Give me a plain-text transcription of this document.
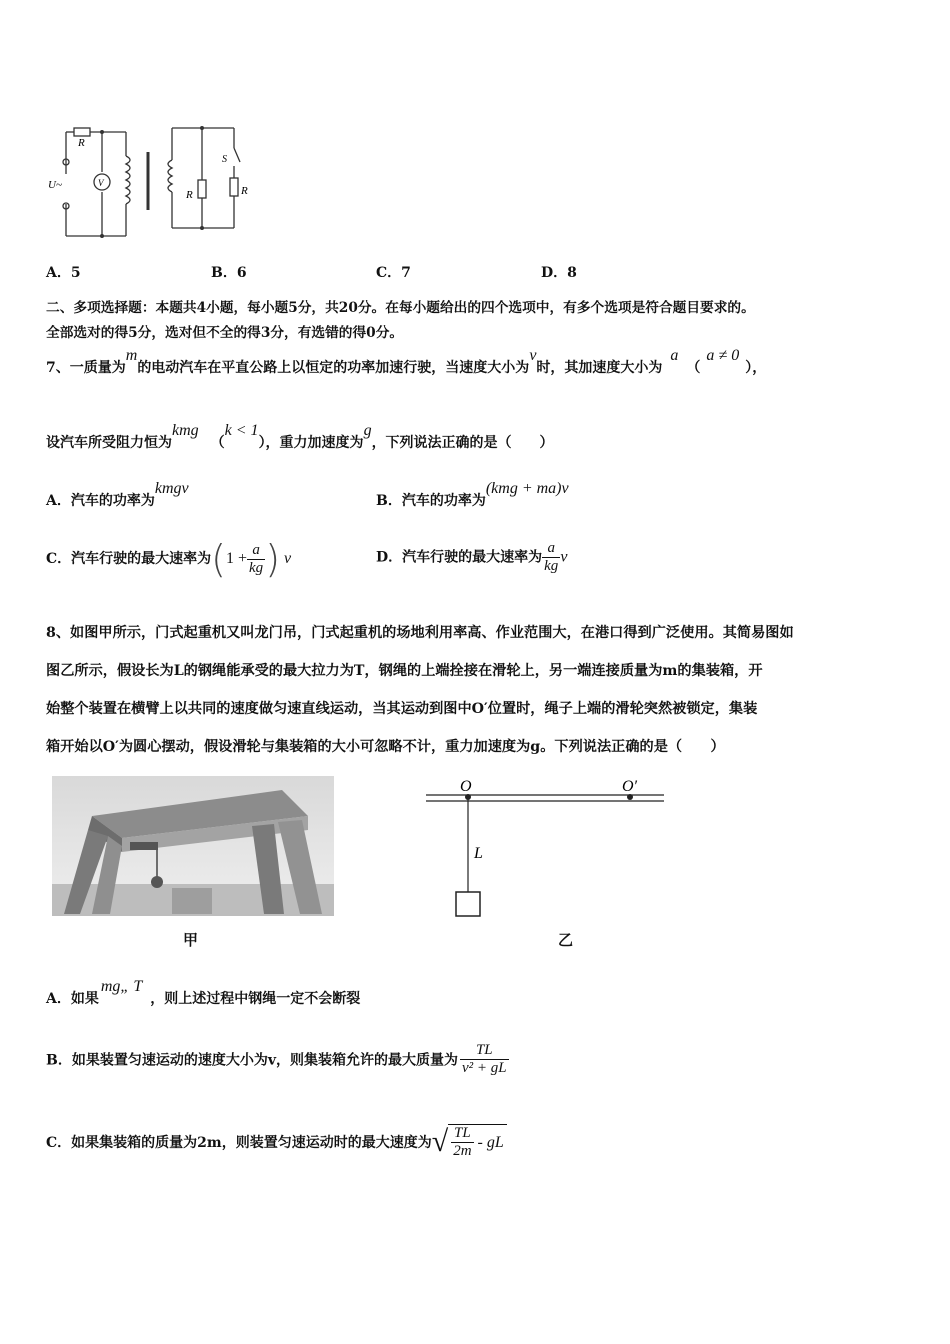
R
U~	V
S
R	R
A．5	B．6	C．7	D．8
二、多项选择题：本题共4小题，每小题5分，共20分。在每小题给出的四个选项中，有多个选项是符合题目要求的。
全部选对的得5分，选对但不全的得3分，有选错的得0分。
7、一质量为m的电动汽车在平直公路上以恒定的功率加速行驶，当速度大小为v时，其加速度大小为a（a ≠ 0），
设汽车所受阻力恒为kmg（k < 1），重力加速度为g，下列说法正确的是（　　）
A．汽车的功率为kmgv
B．汽车的功率为(kmg + ma)v
C．汽车行驶的最大速率为($1 + \frac{a}{kg}$ ) v	D．汽车行驶的最大速率为 $\frac{a}{kg}$ v
8、如图甲所示，门式起重机又叫龙门吊，门式起重机的场地利用率高、作业范围大，在港口得到广泛使用。其简易图如
图乙所示，假设长为L的钢绳能承受的最大拉力为T，钢绳的上端拴接在滑轮上，另一端连接质量为m的集装箱，开
始整个装置在横臂上以共同的速度做匀速直线运动，当其运动到图中O′位置时，绳子上端的滑轮突然被锁定，集装
箱开始以O′为圆心摆动，假设滑轮与集装箱的大小可忽略不计，重力加速度为g。下列说法正确的是（　　）
甲
O	O′
L
乙
A．如果mg„ T，则上述过程中钢绳一定不会断裂
B．如果装置匀速运动的速度大小为v，则集装箱允许的最大质量为 $\frac{TL}{\text{v² + gL}}$
C．如果集装箱的质量为2m，则装置匀速运动时的最大速度为√ $\frac{TL}{2m}$ - gL
